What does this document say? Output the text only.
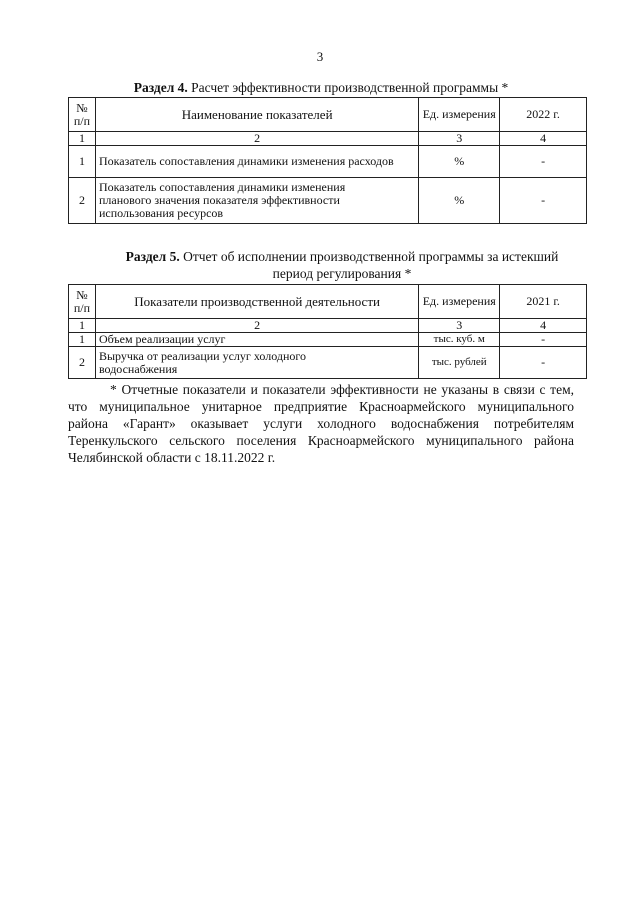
3
Раздел 4. Расчет эффективности производственной программы *
№ п/п	Наименование показателей	Ед. измерения	2022 г.
1	2	3	4
1	Показатель сопоставления динамики изменения расходов	%	-
2	Показатель сопоставления динамики изменения планового значения показателя эффективности использования ресурсов	%	-
Раздел 5. Отчет об исполнении производственной программы за истекший
период регулирования *
№ п/п	Показатели производственной деятельности	Ед. измерения	2021 г.
1	2	3	4
1	Объем реализации услуг	тыс. куб. м	-
2	Выручка от реализации услуг холодного водоснабжения	тыс. рублей	-

* Отчетные показатели и показатели эффективности не указаны в связи с тем, что муниципальное унитарное предприятие Красноармейского муниципального района «Гарант» оказывает услуги холодного водоснабжения потребителям Теренкульского сельского поселения Красноармейского муниципального района Челябинской области с 18.11.2022 г.
